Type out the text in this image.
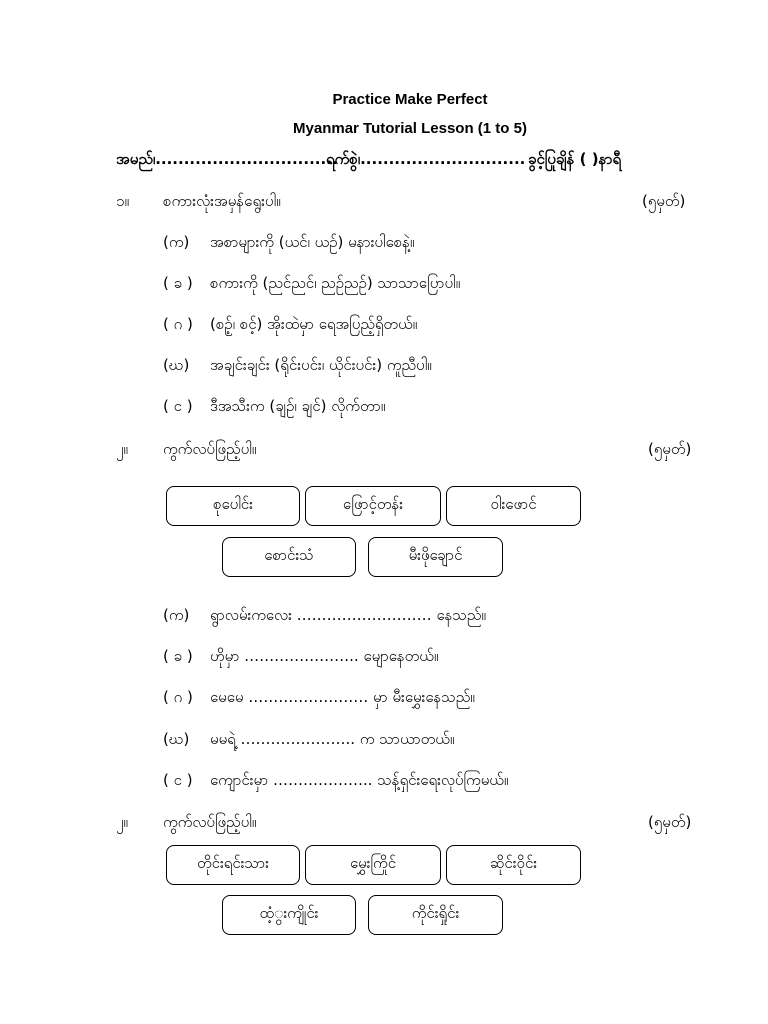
Practice Make Perfect
Myanmar Tutorial Lesson (1 to 5)
အမည်၊................................
ရက်စွဲ၊............................. ခွင့်ပြုချိန် ( )နာရီ
၁။ စကားလုံးအမှန်ရွေးပါ။	(၅မှတ်)
(က) အစာများကို (ယင်၊ ယဉ်) မနားပါစေနဲ့။
( ခ ) စကားကို (ညင်ညင်၊ ညဉ်ညဉ်) သာသာပြောပါ။
( ဂ ) (စဉ့်၊ စင့်) အိုးထဲမှာ ရေအပြည့်ရှိတယ်။
(ဃ) အချင်းချင်း (ရိုင်းပင်း၊ ယိုင်းပင်း) ကူညီပါ။
( င ) ဒီအသီးက (ချဉ်၊ ချင်) လိုက်တာ။
၂။ ကွက်လပ်ဖြည့်ပါ။	(၅မှတ်)
စုပေါင်း	ဖြောင့်တန်း	ဝါးဖောင်
စောင်းသံ	မီးဖိုချောင်
(က) ရွာလမ်းကလေး ……………………… နေသည်။
( ခ ) ဟိုမှာ ………………….. မျောနေတယ်။
( ဂ ) မေမေ …………………… မှာ မီးမွှေးနေသည်။
(ဃ) မမရဲ့ ………………….. က သာယာတယ်။
( င ) ကျောင်းမှာ ……………….. သန့်ရှင်းရေးလုပ်ကြမယ်။
၂။ ကွက်လပ်ဖြည့်ပါ။	(၅မှတ်)
တိုင်းရင်းသား	မွှေးကြိုင်	ဆိုင်းဝိုင်း
ထံ့ွးကျိုင်း	ကိုင်းရှိုင်း
